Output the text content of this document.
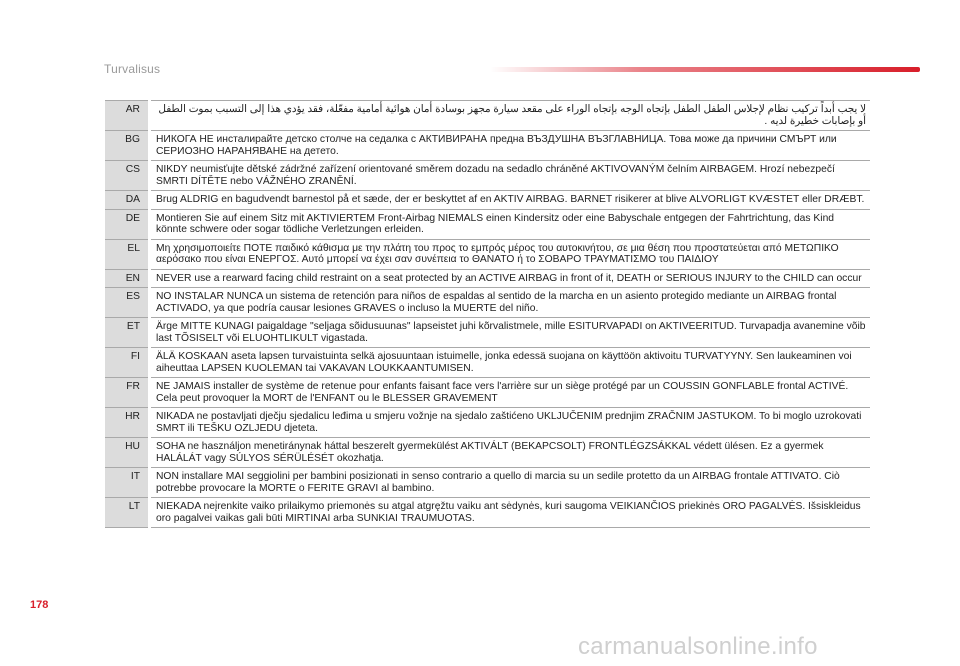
Turvalisus
AR	لا يجب أبداً تركيب نظام لإجلاس الطفل الطفل بإتجاه الوجه بإتجاه الوراء على مقعد سيارة مجهز بوسادة أمان هوائية أمامية مفعّلة، فقد يؤدي هذا إلى التسبب بموت الطفل أو بإصابات خطيرة لديه .

BG	НИКОГА НЕ инсталирайте детско столче на седалка с АКТИВИРАНА предна ВЪЗДУШНА ВЪЗГЛАВНИЦА. Това може да причини СМЪРТ или СЕРИОЗНО НАРАНЯВАНЕ на детето.

CS	NIKDY neumisťujte dětské zádržné zařízení orientované směrem dozadu na sedadlo chráněné AKTIVOVANÝM čelním AIRBAGEM. Hrozí nebezpečí SMRTI DÍTĚTE nebo VÁŽNÉHO ZRANĚNÍ.

DA	Brug ALDRIG en bagudvendt barnestol på et sæde, der er beskyttet af en AKTIV AIRBAG. BARNET risikerer at blive ALVORLIGT KVÆSTET eller DRÆBT.

DE	Montieren Sie auf einem Sitz mit AKTIVIERTEM Front-Airbag NIEMALS einen Kindersitz oder eine Babyschale entgegen der Fahrtrichtung, das Kind könnte schwere oder sogar tödliche Verletzungen erleiden.

EL	Μη χρησιμοποιείτε ΠΟΤΕ παιδικό κάθισμα με την πλάτη του προς το εμπρός μέρος του αυτοκινήτου, σε μια θέση που προστατεύεται από ΜΕΤΩΠΙΚΟ αερόσακο που είναι ΕΝΕΡΓΟΣ. Αυτό μπορεί να έχει σαν συνέπεια το ΘΑΝΑΤΟ ή το ΣΟΒΑΡΟ ΤΡΑΥΜΑΤΙΣΜΟ του ΠΑΙΔΙΟΥ

EN	NEVER use a rearward facing child restraint on a seat protected by an ACTIVE AIRBAG in front of it, DEATH or SERIOUS INJURY to the CHILD can occur

ES	NO INSTALAR NUNCA un sistema de retención para niños de espaldas al sentido de la marcha en un asiento protegido mediante un AIRBAG frontal ACTIVADO, ya que podría causar lesiones GRAVES o incluso la MUERTE del niño.

ET	Ärge MITTE KUNAGI paigaldage "seljaga sõidusuunas" lapseistet juhi kõrvalistmele, mille ESITURVAPADI on AKTIVEERITUD. Turvapadja avanemine võib last TÕSISELT või ELUOHTLIKULT vigastada.

FI	ÄLÄ KOSKAAN aseta lapsen turvaistuinta selkä ajosuuntaan istuimelle, jonka edessä suojana on käyttöön aktivoitu TURVATYYNY. Sen laukeaminen voi aiheuttaa LAPSEN KUOLEMAN tai VAKAVAN LOUKKAANTUMISEN.

FR	NE JAMAIS installer de système de retenue pour enfants faisant face vers l'arrière sur un siège protégé par un COUSSIN GONFLABLE frontal ACTIVÉ.
Cela peut provoquer la MORT de l'ENFANT ou le BLESSER GRAVEMENT

HR	NIKADA ne postavljati dječju sjedalicu leđima u smjeru vožnje na sjedalo zaštićeno UKLJUČENIM prednjim ZRAČNIM JASTUKOM. To bi moglo uzrokovati SMRT ili TEŠKU OZLJEDU djeteta.

HU	SOHA ne használjon menetiránynak háttal beszerelt gyermekülést AKTIVÁLT (BEKAPCSOLT) FRONTLÉGZSÁKKAL védett ülésen. Ez a gyermek HALÁLÁT vagy SÚLYOS SÉRÜLÉSÉT okozhatja.

IT	NON installare MAI seggiolini per bambini posizionati in senso contrario a quello di marcia su un sedile protetto da un AIRBAG frontale ATTIVATO. Ciò potrebbe provocare la MORTE o FERITE GRAVI al bambino.

LT	NIEKADA neįrenkite vaiko prilaikymo priemonės su atgal atgręžtu vaiku ant sėdynės, kuri saugoma VEIKIANČIOS priekinės ORO PAGALVĖS. Išsiskleidus oro pagalvei vaikas gali būti MIRTINAI arba SUNKIAI TRAUMUOTAS.
178
carmanualsonline.info
